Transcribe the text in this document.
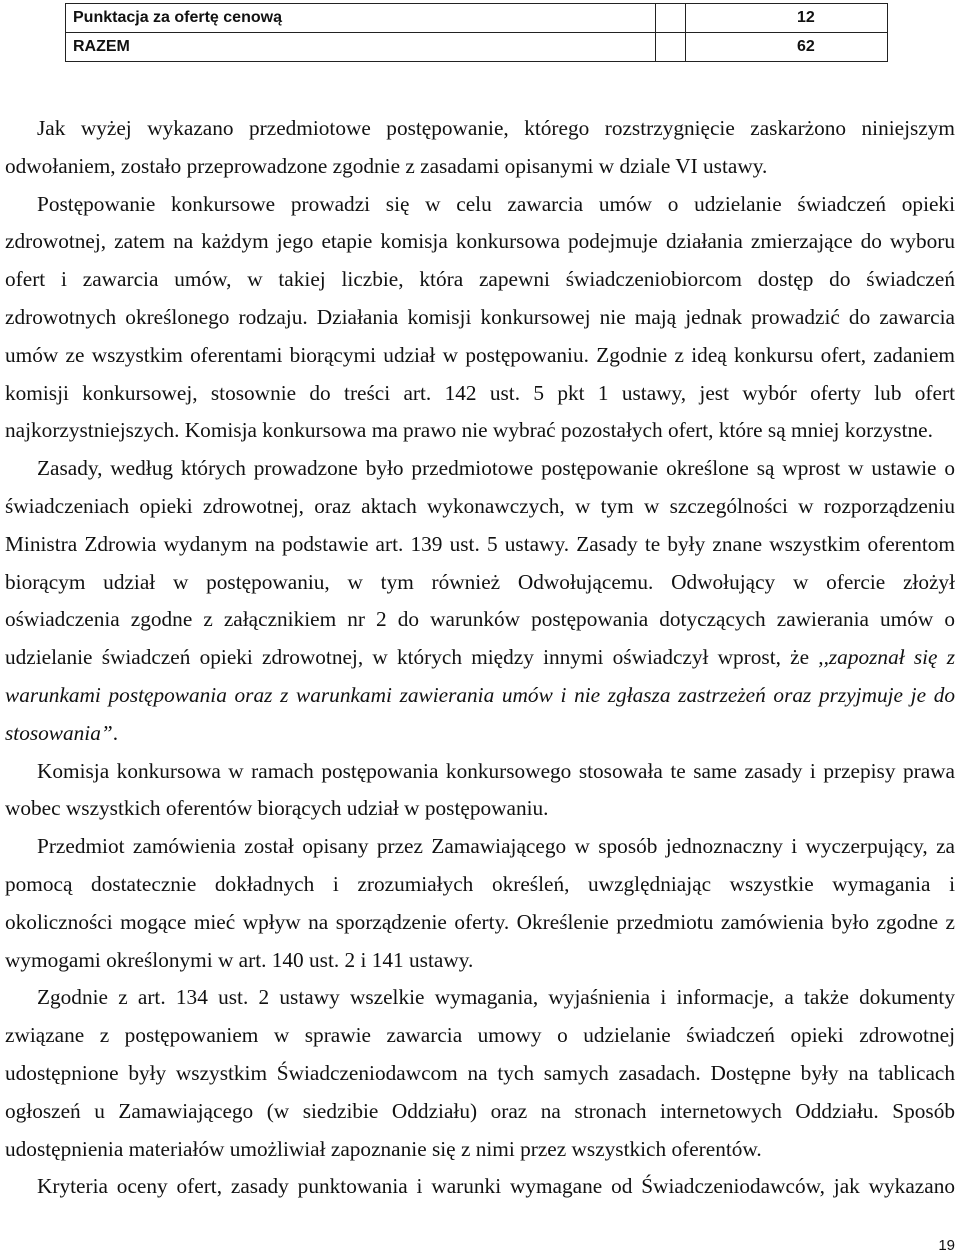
Punktacja za ofertę cenową		12
RAZEM		62
Jak wyżej wykazano przedmiotowe postępowanie, którego rozstrzygnięcie zaskarżono niniejszym
odwołaniem, zostało przeprowadzone zgodnie z zasadami opisanymi w dziale VI ustawy.
Postępowanie konkursowe prowadzi się w celu zawarcia umów o udzielanie świadczeń opieki
zdrowotnej, zatem na każdym jego etapie komisja konkursowa podejmuje działania zmierzające do wyboru
ofert i zawarcia umów, w takiej liczbie, która zapewni świadczeniobiorcom dostęp do świadczeń
zdrowotnych określonego rodzaju. Działania komisji konkursowej nie mają jednak prowadzić do zawarcia
umów ze wszystkim oferentami biorącymi udział w postępowaniu. Zgodnie z ideą konkursu ofert, zadaniem
komisji konkursowej, stosownie do treści art. 142 ust. 5 pkt 1 ustawy, jest wybór oferty lub ofert
najkorzystniejszych. Komisja konkursowa ma prawo nie wybrać pozostałych ofert, które są mniej korzystne.
Zasady, według których prowadzone było przedmiotowe postępowanie określone są wprost w ustawie o
świadczeniach opieki zdrowotnej, oraz aktach wykonawczych, w tym w szczególności w rozporządzeniu
Ministra Zdrowia wydanym na podstawie art. 139 ust. 5 ustawy. Zasady te były znane wszystkim oferentom
biorącym udział w postępowaniu, w tym również Odwołującemu. Odwołujący w ofercie złożył
oświadczenia zgodne z załącznikiem nr 2 do warunków postępowania dotyczących zawierania umów o
udzielanie świadczeń opieki zdrowotnej, w których między innymi oświadczył wprost, że ,,zapoznał się z
warunkami postępowania oraz z warunkami zawierania umów i nie zgłasza zastrzeżeń oraz przyjmuje je do
stosowania”.
Komisja konkursowa w ramach postępowania konkursowego stosowała te same zasady i przepisy prawa
wobec wszystkich oferentów biorących udział w postępowaniu.
Przedmiot zamówienia został opisany przez Zamawiającego w sposób jednoznaczny i wyczerpujący, za
pomocą dostatecznie dokładnych i zrozumiałych określeń, uwzględniając wszystkie wymagania i
okoliczności mogące mieć wpływ na sporządzenie oferty. Określenie przedmiotu zamówienia było zgodne z
wymogami określonymi w art. 140 ust. 2 i 141 ustawy.
Zgodnie z art. 134 ust. 2 ustawy wszelkie wymagania, wyjaśnienia i informacje, a także dokumenty
związane z postępowaniem w sprawie zawarcia umowy o udzielanie świadczeń opieki zdrowotnej
udostępnione były wszystkim Świadczeniodawcom na tych samych zasadach. Dostępne były na tablicach
ogłoszeń u Zamawiającego (w siedzibie Oddziału) oraz na stronach internetowych Oddziału. Sposób
udostępnienia materiałów umożliwiał zapoznanie się z nimi przez wszystkich oferentów.
Kryteria oceny ofert, zasady punktowania i warunki wymagane od Świadczeniodawców, jak wykazano
19
